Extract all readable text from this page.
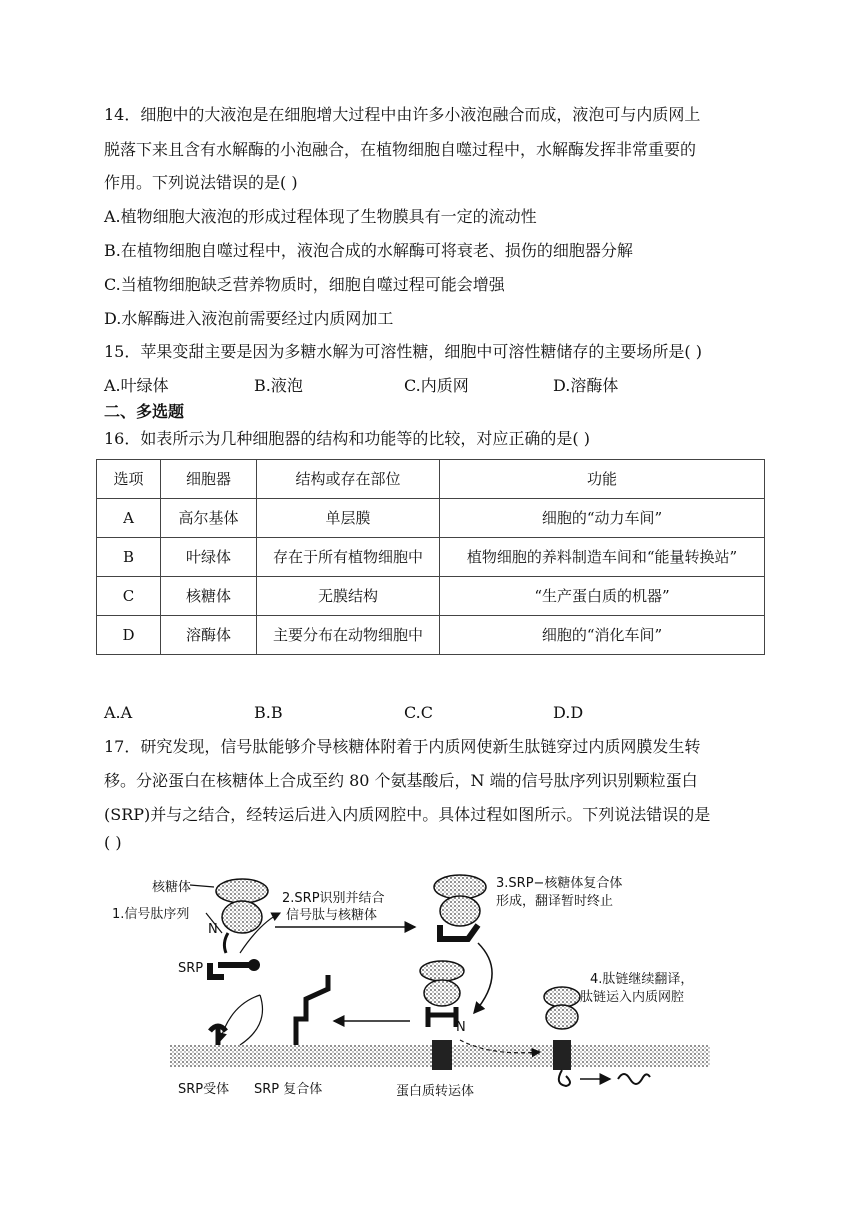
14．细胞中的大液泡是在细胞增大过程中由许多小液泡融合而成，液泡可与内质网上
脱落下来且含有水解酶的小泡融合，在植物细胞自噬过程中，水解酶发挥非常重要的
作用。下列说法错误的是( )
A.植物细胞大液泡的形成过程体现了生物膜具有一定的流动性
B.在植物细胞自噬过程中，液泡合成的水解酶可将衰老、损伤的细胞器分解
C.当植物细胞缺乏营养物质时，细胞自噬过程可能会增强
D.水解酶进入液泡前需要经过内质网加工
15．苹果变甜主要是因为多糖水解为可溶性糖，细胞中可溶性糖储存的主要场所是( )
A.叶绿体	B.液泡	C.内质网	D.溶酶体
二、多选题
16．如表所示为几种细胞器的结构和功能等的比较，对应正确的是( )
选项	细胞器	结构或存在部位	功能
A	高尔基体	单层膜	细胞的“动力车间”
B	叶绿体	存在于所有植物细胞中	植物细胞的养料制造车间和“能量转换站”
C	核糖体	无膜结构	“生产蛋白质的机器”
D	溶酶体	主要分布在动物细胞中	细胞的“消化车间”
A.A	B.B	C.C	D.D
17．研究发现，信号肽能够介导核糖体附着于内质网使新生肽链穿过内质网膜发生转
移。分泌蛋白在核糖体上合成至约 80 个氨基酸后，N 端的信号肽序列识别颗粒蛋白
(SRP)并与之结合，经转运后进入内质网腔中。具体过程如图所示。下列说法错误的是
( )
核糖体
1.信号肽序列
N
2.SRP识别并结合
信号肽与核糖体
3.SRP−核糖体复合体
形成，翻译暂时终止
SRP
N
4.肽链继续翻译，
肽链运入内质网腔
SRP受体 SRP 复合体	蛋白质转运体
